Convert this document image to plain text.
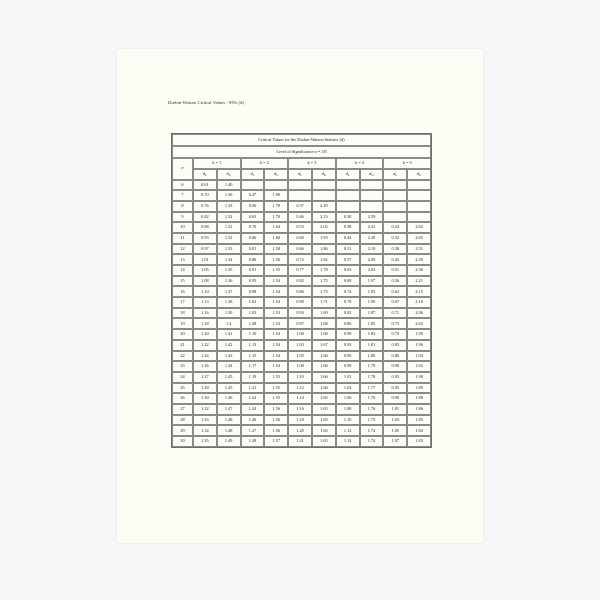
Durbin-Watson Critical Values - 95% (d)
Critical Values for the Durbin-Watson Statistic (d)										
Level of Significance α = .05										
n	k = 1		k = 2		k = 3		k = 4		k = 5	
	$d_L$	$d_U$	$d_L$	$d_U$	$d_L$	$d_U$	$d_L$	$d_U$	$d_L$	$d_U$
6	0.61	1.40								
7	0.70	1.36	0.47	1.90						
8	0.76	1.33	0.56	1.78	0.37	2.29				
9	0.82	1.32	0.63	1.70	0.46	2.13	0.30	2.59		
10	0.88	1.32	0.70	1.64	0.53	2.02	0.38	2.41	0.24	2.82
11	0.93	1.32	0.66	1.60	0.60	1.93	0.44	2.28	0.32	2.65
12	0.97	1.33	0.81	1.58	0.66	1.86	0.51	2.18	0.38	2.51
13	1.01	1.34	0.86	1.56	0.72	1.82	0.57	2.09	0.45	2.39
14	1.05	1.35	0.91	1.55	0.77	1.78	0.63	2.03	0.51	2.30
15	1.08	1.36	0.95	1.54	0.82	1.75	0.69	1.97	0.56	2.21
16	1.10	1.37	0.98	1.54	0.86	1.73	0.74	1.93	0.62	2.15
17	1.13	1.38	1.02	1.54	0.90	1.71	0.78	1.90	0.67	2.10
18	1.16	1.39	1.05	1.53	0.93	1.69	0.82	1.87	0.71	2.06
19	1.18	1.4	1.08	1.53	0.97	1.68	0.86	1.85	0.75	2.02
20	1.20	1.41	1.10	1.54	1.00	1.68	0.90	1.83	0.79	1.99
21	1.22	1.42	1.13	1.54	1.03	1.67	0.93	1.81	0.83	1.96
22	1.24	1.43	1.15	1.54	1.05	1.66	0.96	1.80	0.86	1.94
23	1.26	1.44	1.17	1.54	1.08	1.66	0.99	1.79	0.90	1.92
24	1.27	1.45	1.19	1.55	1.10	1.66	1.01	1.78	0.93	1.90
25	1.29	1.45	1.21	1.55	1.12	1.66	1.04	1.77	0.95	1.89
26	1.30	1.46	1.22	1.55	1.14	1.65	1.06	1.76	0.98	1.88
27	1.32	1.47	1.24	1.56	1.16	1.65	1.08	1.76	1.01	1.86
28	1.33	1.48	1.26	1.56	1.18	1.65	1.10	1.75	1.03	1.85
29	1.34	1.48	1.27	1.56	1.20	1.65	1.12	1.74	1.05	1.84
30	1.35	1.49	1.28	1.57	1.21	1.65	1.14	1.74	1.07	1.83
